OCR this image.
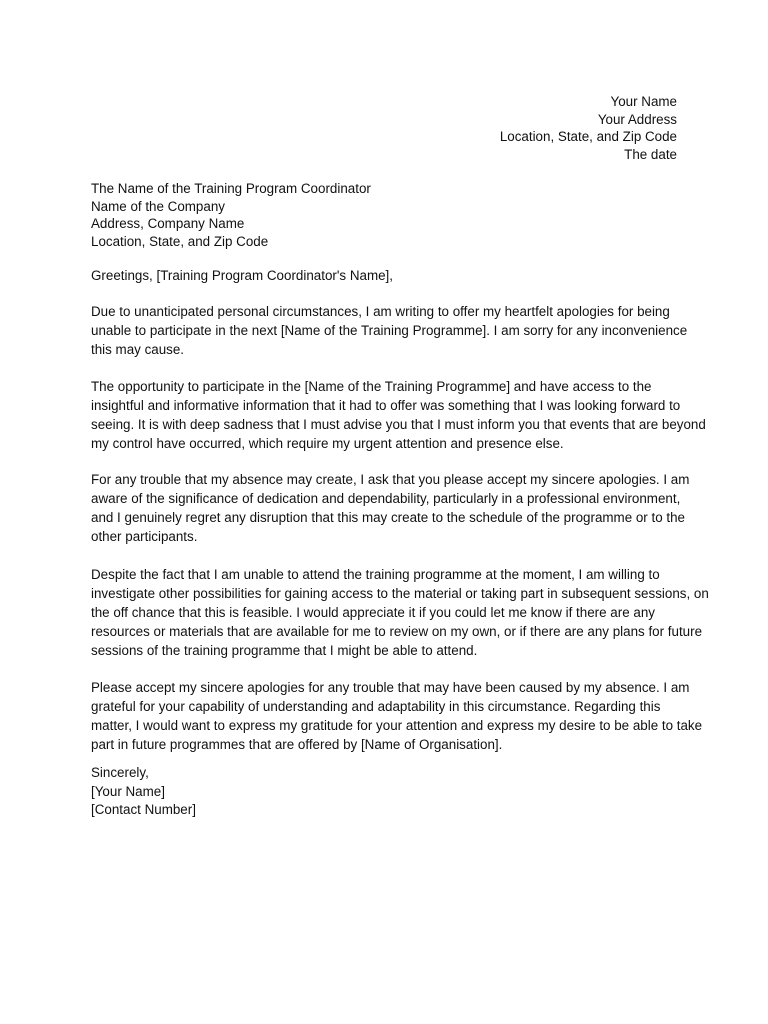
Your Name
Your Address
Location, State, and Zip Code
The date
The Name of the Training Program Coordinator
Name of the Company
Address, Company Name
Location, State, and Zip Code
Greetings, [Training Program Coordinator's Name],
Due to unanticipated personal circumstances, I am writing to offer my heartfelt apologies for being
unable to participate in the next [Name of the Training Programme]. I am sorry for any inconvenience
this may cause.
The opportunity to participate in the [Name of the Training Programme] and have access to the
insightful and informative information that it had to offer was something that I was looking forward to
seeing. It is with deep sadness that I must advise you that I must inform you that events that are beyond
my control have occurred, which require my urgent attention and presence else.
For any trouble that my absence may create, I ask that you please accept my sincere apologies. I am
aware of the significance of dedication and dependability, particularly in a professional environment,
and I genuinely regret any disruption that this may create to the schedule of the programme or to the
other participants.
Despite the fact that I am unable to attend the training programme at the moment, I am willing to
investigate other possibilities for gaining access to the material or taking part in subsequent sessions, on
the off chance that this is feasible. I would appreciate it if you could let me know if there are any
resources or materials that are available for me to review on my own, or if there are any plans for future
sessions of the training programme that I might be able to attend.
Please accept my sincere apologies for any trouble that may have been caused by my absence. I am
grateful for your capability of understanding and adaptability in this circumstance. Regarding this
matter, I would want to express my gratitude for your attention and express my desire to be able to take
part in future programmes that are offered by [Name of Organisation].
Sincerely,
[Your Name]
[Contact Number]
